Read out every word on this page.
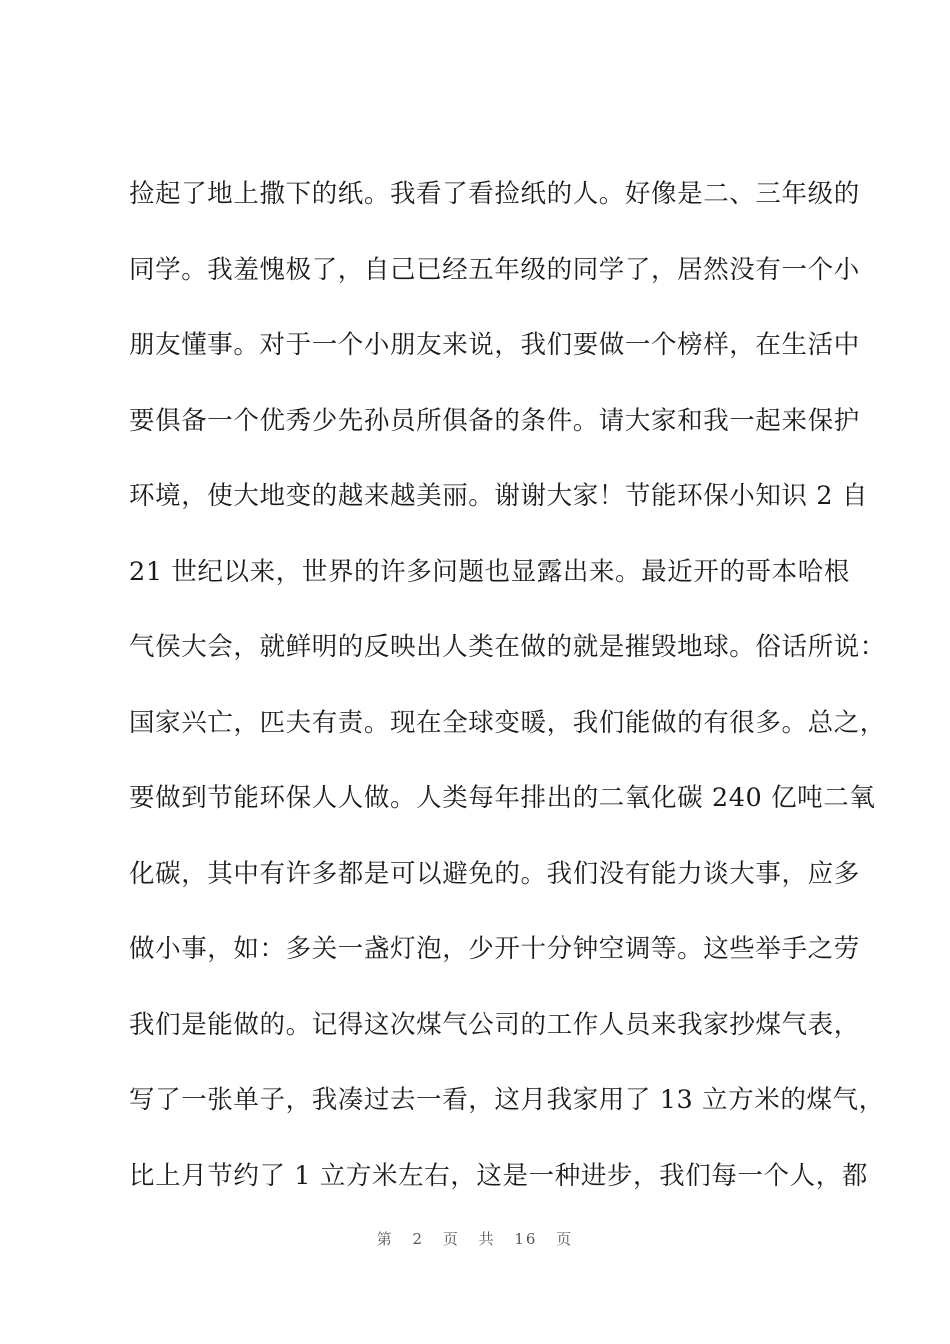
捡起了地上撒下的纸。我看了看捡纸的人。好像是二、三年级的
同学。我羞愧极了，自己已经五年级的同学了，居然没有一个小
朋友懂事。对于一个小朋友来说，我们要做一个榜样，在生活中
要俱备一个优秀少先孙员所俱备的条件。请大家和我一起来保护
环境，使大地变的越来越美丽。谢谢大家！节能环保小知识 2 自
21 世纪以来，世界的许多问题也显露出来。最近开的哥本哈根
气侯大会，就鲜明的反映出人类在做的就是摧毁地球。俗话所说：
国家兴亡，匹夫有责。现在全球变暖，我们能做的有很多。总之，
要做到节能环保人人做。人类每年排出的二氧化碳 240 亿吨二氧
化碳，其中有许多都是可以避免的。我们没有能力谈大事，应多
做小事，如：多关一盏灯泡，少开十分钟空调等。这些举手之劳
我们是能做的。记得这次煤气公司的工作人员来我家抄煤气表，
写了一张单子，我凑过去一看，这月我家用了 13 立方米的煤气，
比上月节约了 1 立方米左右，这是一种进步，我们每一个人，都
第 2 页 共 16 页
